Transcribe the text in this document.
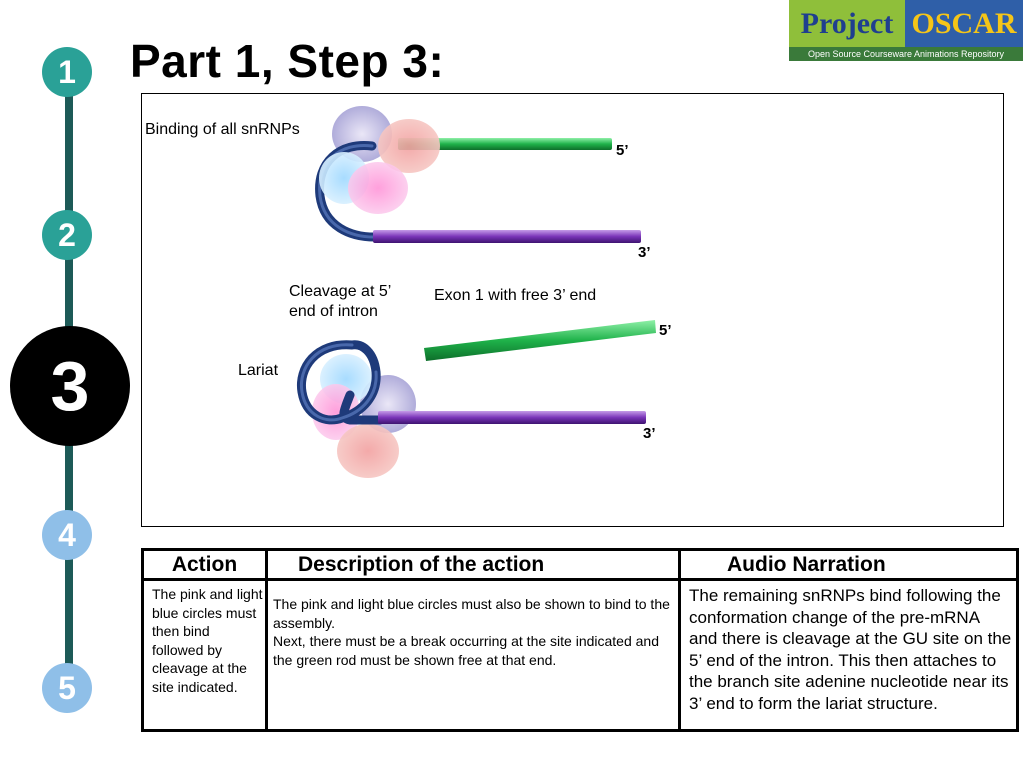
Part 1, Step 3:
Project OSCAR
Open Source Courseware Animations Repository
1
2
3
4
5
Binding of all snRNPs
5’
3’
Cleavage at 5’
end of intron
Exon 1 with free 3’ end
5’
Lariat
3’
Action
The pink and light blue circles must then bind followed by cleavage at the site indicated.
Description of the action

The pink and light blue circles must also be shown to bind to the assembly.

Next, there must be a break occurring at the site indicated and the green rod must be shown free at that end.

Audio Narration
The remaining snRNPs bind following the conformation change of the pre-mRNA and there is cleavage at the GU site on the 5’ end of the intron. This then attaches to the branch site adenine nucleotide near its 3’ end to form the lariat structure.
